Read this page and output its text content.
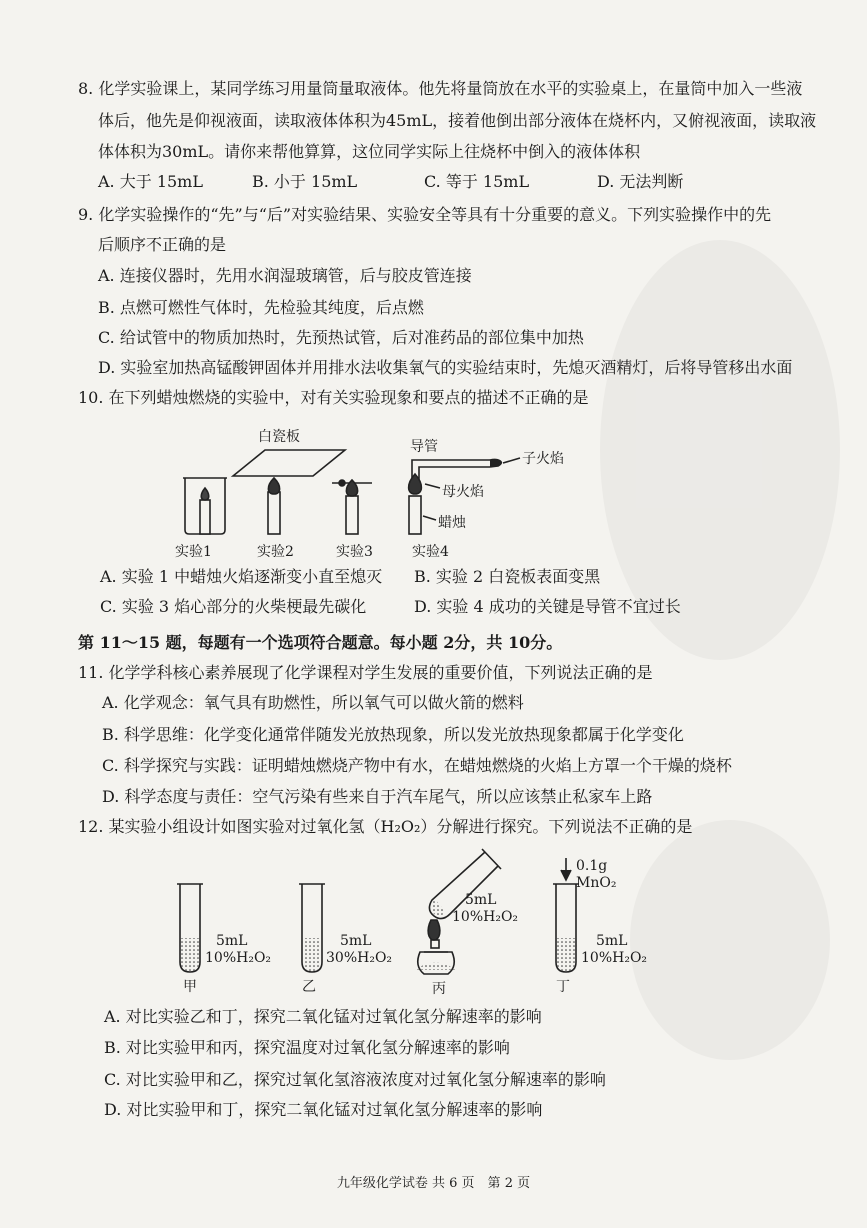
8. 化学实验课上，某同学练习用量筒量取液体。他先将量筒放在水平的实验桌上，在量筒中加入一些液
体后，他先是仰视液面，读取液体体积为45mL，接着他倒出部分液体在烧杯内，又俯视液面，读取液
体体积为30mL。请你来帮他算算，这位同学实际上往烧杯中倒入的液体体积
A. 大于 15mL	B. 小于 15mL	C. 等于 15mL	D. 无法判断
9. 化学实验操作的“先”与“后”对实验结果、实验安全等具有十分重要的意义。下列实验操作中的先
后顺序不正确的是
A. 连接仪器时，先用水润湿玻璃管，后与胶皮管连接
B. 点燃可燃性气体时，先检验其纯度，后点燃
C. 给试管中的物质加热时，先预热试管，后对准药品的部位集中加热
D. 实验室加热高锰酸钾固体并用排水法收集氧气的实验结束时，先熄灭酒精灯，后将导管移出水面
10. 在下列蜡烛燃烧的实验中，对有关实验现象和要点的描述不正确的是
白瓷板
导管
子火焰
母火焰
蜡烛
实验1	实验2	实验3	实验4
A. 实验 1 中蜡烛火焰逐渐变小直至熄灭 B. 实验 2 白瓷板表面变黑
C. 实验 3 焰心部分的火柴梗最先碳化	D. 实验 4 成功的关键是导管不宜过长
第 11～15 题，每题有一个选项符合题意。每小题 2分，共 10分。
11. 化学学科核心素养展现了化学课程对学生发展的重要价值，下列说法正确的是
A. 化学观念：氧气具有助燃性，所以氧气可以做火箭的燃料
B. 科学思维：化学变化通常伴随发光放热现象，所以发光放热现象都属于化学变化
C. 科学探究与实践：证明蜡烛燃烧产物中有水，在蜡烛燃烧的火焰上方罩一个干燥的烧杯
D. 科学态度与责任：空气污染有些来自于汽车尾气，所以应该禁止私家车上路
12. 某实验小组设计如图实验对过氧化氢（H₂O₂）分解进行探究。下列说法不正确的是
5mL
10%H₂O₂
甲
5mL
30%H₂O₂
乙
5mL
10%H₂O₂
丙
0.1g
MnO₂
5mL
10%H₂O₂
丁
A. 对比实验乙和丁，探究二氧化锰对过氧化氢分解速率的影响
B. 对比实验甲和丙，探究温度对过氧化氢分解速率的影响
C. 对比实验甲和乙，探究过氧化氢溶液浓度对过氧化氢分解速率的影响
D. 对比实验甲和丁，探究二氧化锰对过氧化氢分解速率的影响
九年级化学试卷 共 6 页　第 2 页
